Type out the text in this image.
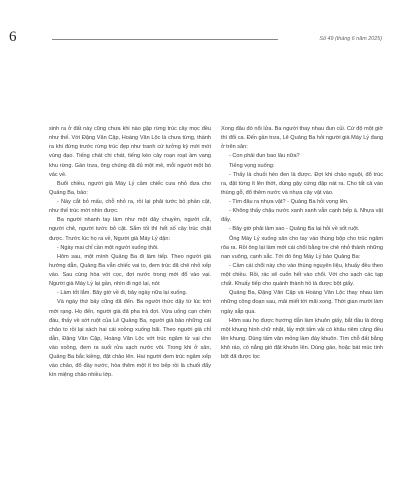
6	Số 49 (tháng 6 năm 2025)

sinh ra ở đất này cũng chưa khi nào gặp rừng trúc cây mọc đều như thế. Với Đặng Văn Cập, Hoàng Văn Lộc là chưa từng, thành ra khi đứng trước rừng trúc đẹp như tranh cứ tưởng kỳ mới mới vùng đạo. Tiếng chát chi chát, tiếng kéo cây roạn roạt ầm vang khu rừng. Gần trưa, ông chúng đã đủ một mẻ, mỗi người một bó vác về.

Buổi chiều, người già Máy Lỷ cầm chiếc cưa nhỏ đưa cho Quảng Ba, bảo:

- Này cắt bỏ mấu, chỗ nhỏ ra, rồi lại phải tước bỏ phần cặt, như thế trúc mới nhìn được.

Ba người nhanh tay làm như một dây chuyền, người cắt, người chẻ, người tước bỏ cặt. Sắm tối thì hết số cây trúc chặt được. Trước lúc họ ra về, Người già Máy Lỷ dặn:

- Ngày mai chỉ cần một người xuống thôi.

Hôm sau, một mình Quảng Ba đi làm tiếp. Theo người già hướng dẫn, Quảng Ba vẫn chiếc vai to, đem trúc đã chẻ nhỏ xếp vào. Sau cùng hòa với cọc, đợi nước trong mới đổ vào vại. Người già Máy Lỷ lại gần, nhìn đi ngó lại, nói:

- Làm tốt lắm. Bây giờ về đi, bảy ngày nữa lại xuống.

Và ngày thứ bảy cũng đã đến. Ba người thức dậy từ lúc trời mới rạng. Họ đến, người già đã pha trà đợi. Vừa uống cạn chén đầu, thấy về sớt ruột của Lê Quảng Ba, người già bảo những cái chảo to rồi lại xách hai cái xoồng xuống bãi. Theo người già chỉ dẫn, Đặng Văn Cập, Hoàng Văn Lộc vớt trúc ngâm từ vại cho vào xoồng, đem ra suối rửa sạch nước vôi. Trong khi ở sân, Quảng Ba bắc kiềng, đặt chảo lên. Hai người đem trúc ngâm xếp vào chảo, đổ đầy nước, hòa thêm một ít tro bếp rồi là chuối đẩy kín miệng chảo nhiều lớp.

Xong đâu đó nổi lửa. Ba người thay nhau đun củi. Cứ độ một giờ thì đổi ca. Đến gần trưa, Lê Quảng Ba hỏi người già Máy Lỷ đang ở trên sân:

- Con phải đun bao lâu nữa?

Tiếng vọng xuống:

- Thấy là chuối héo đen là được. Đợi khi chảo nguội, đổ trúc ra, đặt từng ít lên thớt, dùng gậy cứng đập nát ra. Cho tất cả vào thùng gỗ, đổ thêm nước và nhựa cây vật vào.

- Tìm đâu ra nhựa vật? - Quảng Ba hỏi vọng lên.

- Không thấy chậu nước xanh xanh vẫn cạnh bếp à. Nhựa vật đấy.

- Bây giờ phải làm sao - Quảng Ba lại hỏi về sốt ruột.

Ông Máy Lỷ xuống sân cho tay vào thùng bộp cho trúc ngâm rõa ra. Rồi ông lại làm mới cái chổi bằng tre chẻ nhỏ thành những nan vuông, cạnh sắc. Tới đó ông Máy Lỷ bảo Quảng Ba:

- Cầm cái chổi này cho vào thùng nguyên liệu, khuấy đều theo một chiều. Rồi, rác sẽ cuốn hết vào chổi. Với cho sạch các tạp chất. Khuấy tiếp cho quánh thành hồ là được bột giấy.

Quảng Ba, Đặng Văn Cập và Hoàng Văn Lộc thay nhau làm những công đoạn sau, mải miết tới mãi xong. Thời gian mười làm ngày sắp qua.

Hôm sau họ được hướng dẫn làm khuôn giấy, bắt đầu là đóng một khung hình chữ nhật, lấy một tấm vải có khâu riêm căng đều lên khung. Dùng tấm vân mỏng làm đáy khuôn. Tìm chỗ đất bằng khô ráo, có nắng gió đặt khuôn lên. Dùng gáo, hoặc bát múc tinh bột đã được lọc
